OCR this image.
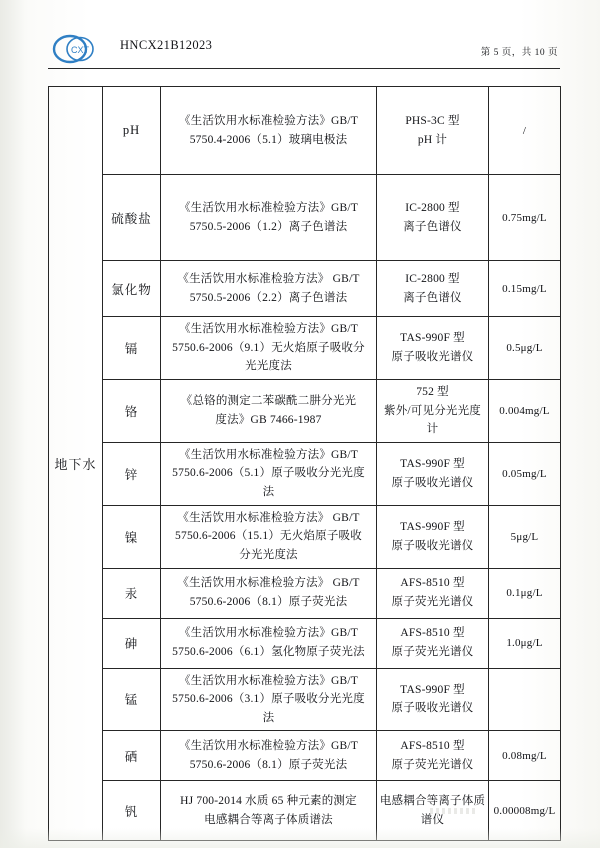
CXT HNCX21B12023
第 5 页，共 10 页
地下水	pH	《生活饮用水标准检验方法》GB/T
5750.4-2006（5.1）玻璃电极法	PHS-3C 型
pH 计	/
	硫酸盐	《生活饮用水标准检验方法》GB/T
5750.5-2006（1.2）离子色谱法	IC-2800 型
离子色谱仪	0.75mg/L
	氯化物	《生活饮用水标准检验方法》 GB/T
5750.5-2006（2.2）离子色谱法	IC-2800 型
离子色谱仪	0.15mg/L
	镉	《生活饮用水标准检验方法》GB/T
5750.6-2006（9.1）无火焰原子吸收分
光光度法	TAS-990F 型
原子吸收光谱仪	0.5μg/L
	铬	《总铬的测定二苯碳酰二肼分光光
度法》GB 7466-1987	752 型
紫外/可见分光光度计	0.004mg/L
	锌	《生活饮用水标准检验方法》GB/T
5750.6-2006（5.1）原子吸收分光光度
法	TAS-990F 型
原子吸收光谱仪	0.05mg/L
	镍	《生活饮用水标准检验方法》 GB/T
5750.6-2006（15.1）无火焰原子吸收
分光光度法	TAS-990F 型
原子吸收光谱仪	5μg/L
	汞	《生活饮用水标准检验方法》 GB/T
5750.6-2006（8.1）原子荧光法	AFS-8510 型
原子荧光光谱仪	0.1μg/L
	砷	《生活饮用水标准检验方法》GB/T
5750.6-2006（6.1）氢化物原子荧光法	AFS-8510 型
原子荧光光谱仪	1.0μg/L
	锰	《生活饮用水标准检验方法》GB/T
5750.6-2006（3.1）原子吸收分光光度
法	TAS-990F 型
原子吸收光谱仪	

	硒	《生活饮用水标准检验方法》GB/T
5750.6-2006（8.1）原子荧光法	AFS-8510 型
原子荧光光谱仪	0.08mg/L
	钒	HJ 700-2014 水质 65 种元素的测定
电感耦合等离子体质谱法	电感耦合等离子体质
谱仪	0.00008mg/L
